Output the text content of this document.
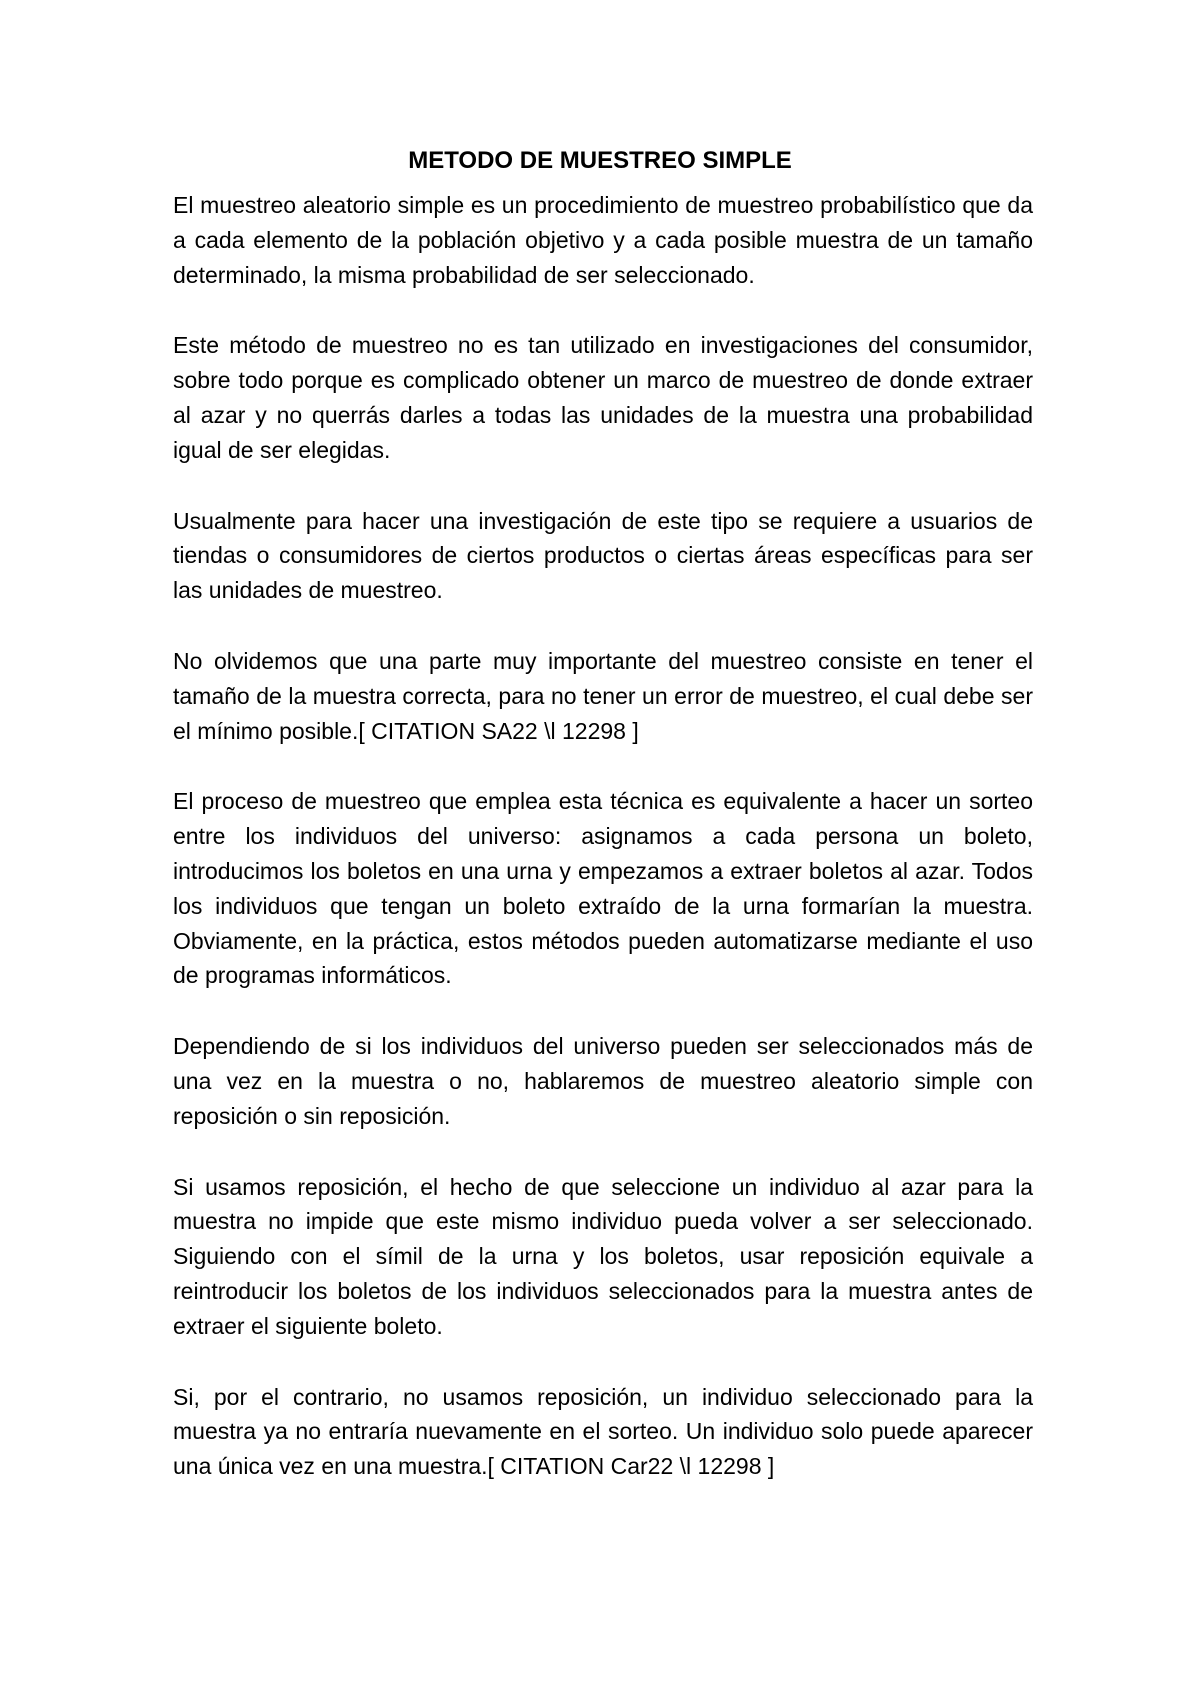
METODO DE MUESTREO SIMPLE

El muestreo aleatorio simple es un procedimiento de muestreo probabilístico que da a cada elemento de la población objetivo y a cada posible muestra de un tamaño determinado, la misma probabilidad de ser seleccionado.

Este método de muestreo no es tan utilizado en investigaciones del consumidor, sobre todo porque es complicado obtener un marco de muestreo de donde extraer al azar y no querrás darles a todas las unidades de la muestra una probabilidad igual de ser elegidas.

Usualmente para hacer una investigación de este tipo se requiere a usuarios de tiendas o consumidores de ciertos productos o ciertas áreas específicas para ser las unidades de muestreo.

No olvidemos que una parte muy importante del muestreo consiste en tener el tamaño de la muestra correcta, para no tener un error de muestreo, el cual debe ser el mínimo posible.[ CITATION SA22 \l 12298 ]

El proceso de muestreo que emplea esta técnica es equivalente a hacer un sorteo entre los individuos del universo: asignamos a cada persona un boleto, introducimos los boletos en una urna y empezamos a extraer boletos al azar. Todos los individuos que tengan un boleto extraído de la urna formarían la muestra. Obviamente, en la práctica, estos métodos pueden automatizarse mediante el uso de programas informáticos.

Dependiendo de si los individuos del universo pueden ser seleccionados más de una vez en la muestra o no, hablaremos de muestreo aleatorio simple con reposición o sin reposición.

Si usamos reposición, el hecho de que seleccione un individuo al azar para la muestra no impide que este mismo individuo pueda volver a ser seleccionado. Siguiendo con el símil de la urna y los boletos, usar reposición equivale a reintroducir los boletos de los individuos seleccionados para la muestra antes de extraer el siguiente boleto.

Si, por el contrario, no usamos reposición, un individuo seleccionado para la muestra ya no entraría nuevamente en el sorteo. Un individuo solo puede aparecer una única vez en una muestra.[ CITATION Car22 \l 12298 ]
